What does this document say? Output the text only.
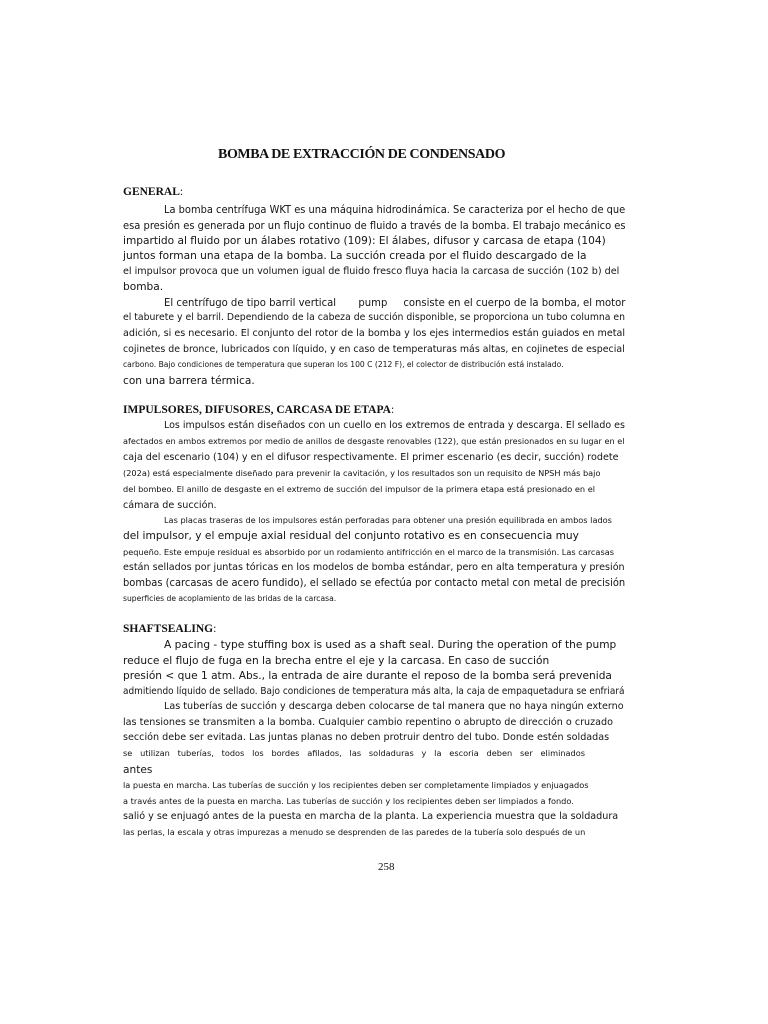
BOMBA DE EXTRACCIÓN DE CONDENSADO
GENERAL:
La bomba centrífuga WKT es una máquina hidrodinámica. Se caracteriza por el hecho de que
esa presión es generada por un flujo continuo de fluido a través de la bomba. El trabajo mecánico es
impartido al fluido por un álabes rotativo (109): El álabes, difusor y carcasa de etapa (104)
juntos forman una etapa de la bomba. La succión creada por el fluido descargado de la
el impulsor provoca que un volumen igual de fluido fresco fluya hacia la carcasa de succión (102 b) del
bomba.
El centrífugo de tipo barril vertical       pump     consiste en el cuerpo de la bomba, el motor
el taburete y el barril. Dependiendo de la cabeza de succión disponible, se proporciona un tubo columna en
adición, si es necesario. El conjunto del rotor de la bomba y los ejes intermedios están guiados en metal
cojinetes de bronce, lubricados con líquido, y en caso de temperaturas más altas, en cojinetes de especial
carbono. Bajo condiciones de temperatura que superan los 100 C (212 F), el colector de distribución está instalado.
con una barrera térmica.
IMPULSORES, DIFUSORES, CARCASA DE ETAPA:
Los impulsos están diseñados con un cuello en los extremos de entrada y descarga. El sellado es
afectados en ambos extremos por medio de anillos de desgaste renovables (122), que están presionados en su lugar en el
caja del escenario (104) y en el difusor respectivamente. El primer escenario (es decir, succión) rodete
(202a) está especialmente diseñado para prevenir la cavitación, y los resultados son un requisito de NPSH más bajo
del bombeo. El anillo de desgaste en el extremo de succión del impulsor de la primera etapa está presionado en el
cámara de succión.
Las placas traseras de los impulsores están perforadas para obtener una presión equilibrada en ambos lados
del impulsor, y el empuje axial residual del conjunto rotativo es en consecuencia muy
pequeño. Este empuje residual es absorbido por un rodamiento antifricción en el marco de la transmisión. Las carcasas
están sellados por juntas tóricas en los modelos de bomba estándar, pero en alta temperatura y presión
bombas (carcasas de acero fundido), el sellado se efectúa por contacto metal con metal de precisión
superficies de acoplamiento de las bridas de la carcasa.
SHAFTSEALING:
A pacing - type stuffing box is used as a shaft seal. During the operation of the pump
reduce el flujo de fuga en la brecha entre el eje y la carcasa. En caso de succión
presión < que 1 atm. Abs., la entrada de aire durante el reposo de la bomba será prevenida
admitiendo líquido de sellado. Bajo condiciones de temperatura más alta, la caja de empaquetadura se enfriará
Las tuberías de succión y descarga deben colocarse de tal manera que no haya ningún externo
las tensiones se transmiten a la bomba. Cualquier cambio repentino o abrupto de dirección o cruzado
sección debe ser evitada. Las juntas planas no deben protruir dentro del tubo. Donde estén soldadas
se   utilizan   tuberías,   todos   los   bordes   afilados,   las   soldaduras   y   la   escoria   deben   ser   eliminados
antes
la puesta en marcha. Las tuberías de succión y los recipientes deben ser completamente limpiados y enjuagados
a través antes de la puesta en marcha. Las tuberías de succión y los recipientes deben ser limpiados a fondo.
salió y se enjuagó antes de la puesta en marcha de la planta. La experiencia muestra que la soldadura
las perlas, la escala y otras impurezas a menudo se desprenden de las paredes de la tubería solo después de un
258
